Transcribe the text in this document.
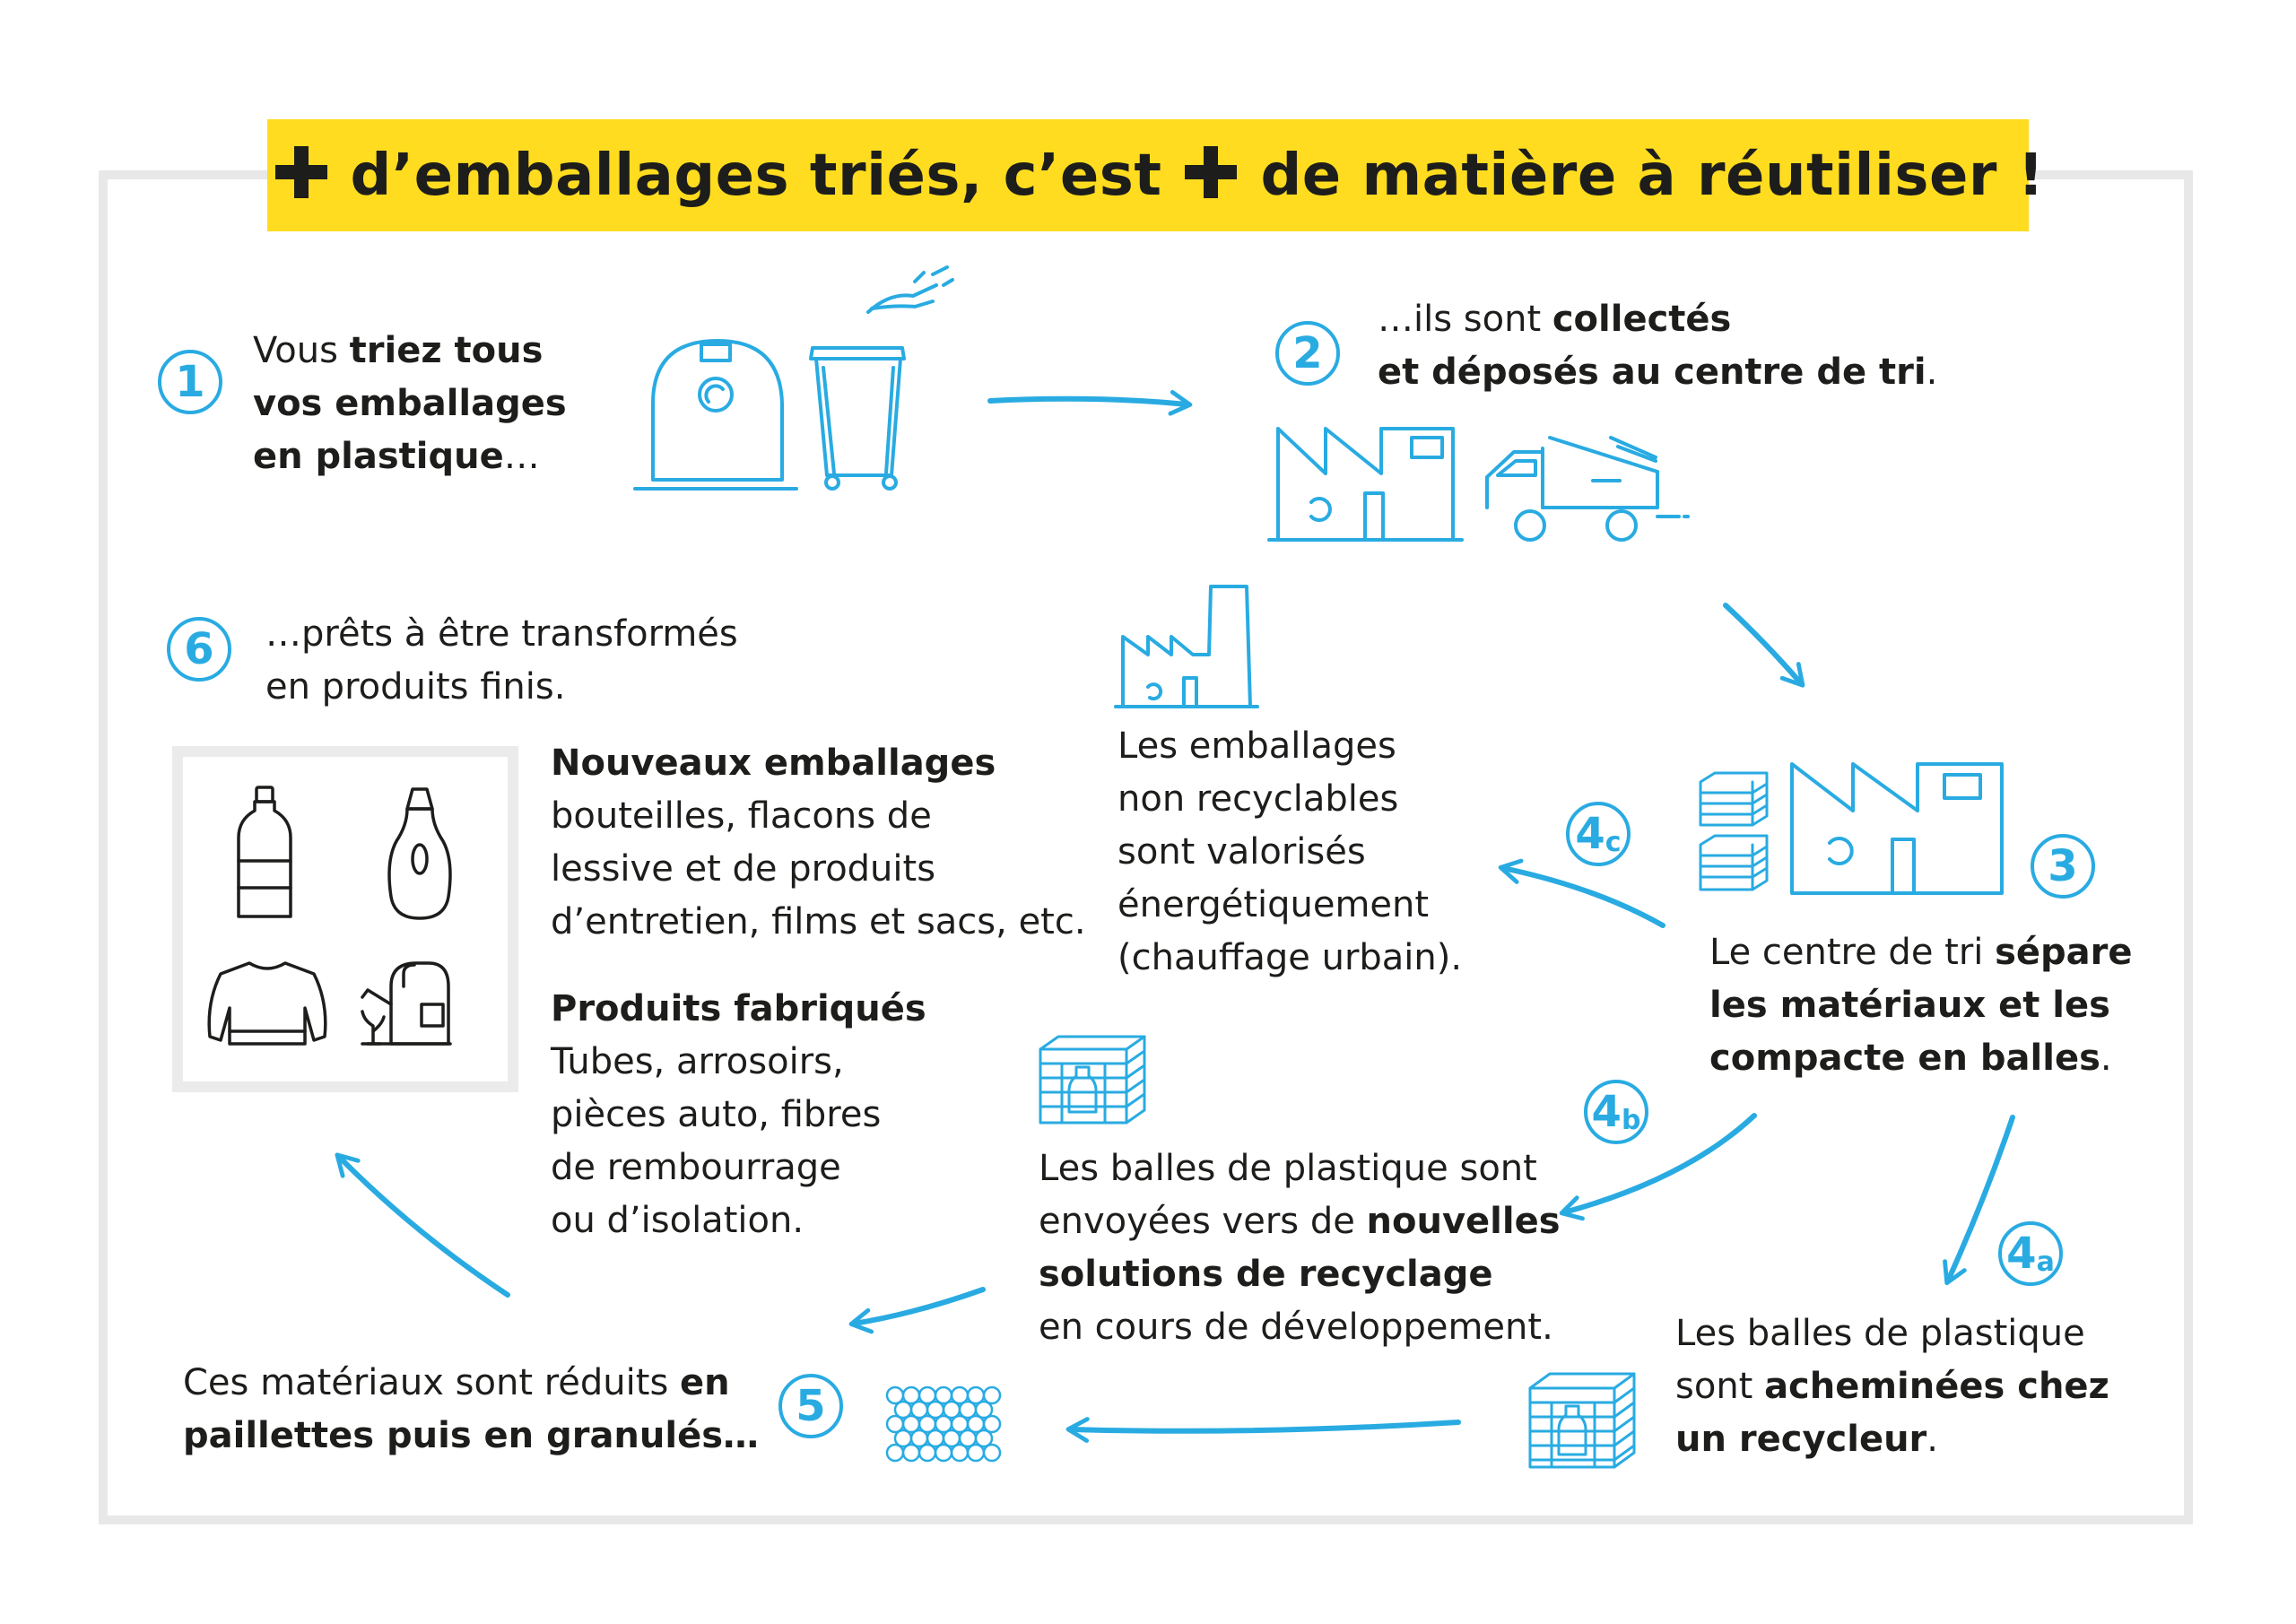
d’emballages triés, c’est de matière à réutiliser !
1
Vous triez tous
vos emballages
en plastique…
2
…ils sont collectés
et déposés au centre de tri.
6 …prêts à être transformés
en produits finis.
Nouveaux emballages
bouteilles, flacons de
lessive et de produits
d’entretien, films et sacs, etc.
Produits fabriqués
Tubes, arrosoirs,
pièces auto, fibres
de rembourrage
ou d’isolation.
4 c
Les emballages
non recyclables
sont valorisés
énergétiquement
(chauffage urbain).
3
Le centre de tri sépare
les matériaux et les
compacte en balles.
4 b
Les balles de plastique sont
envoyées vers de nouvelles
solutions de recyclage
en cours de développement.
4 a
Les balles de plastique
sont acheminées chez
un recycleur.
5
Ces matériaux sont réduits en
paillettes puis en granulés…
